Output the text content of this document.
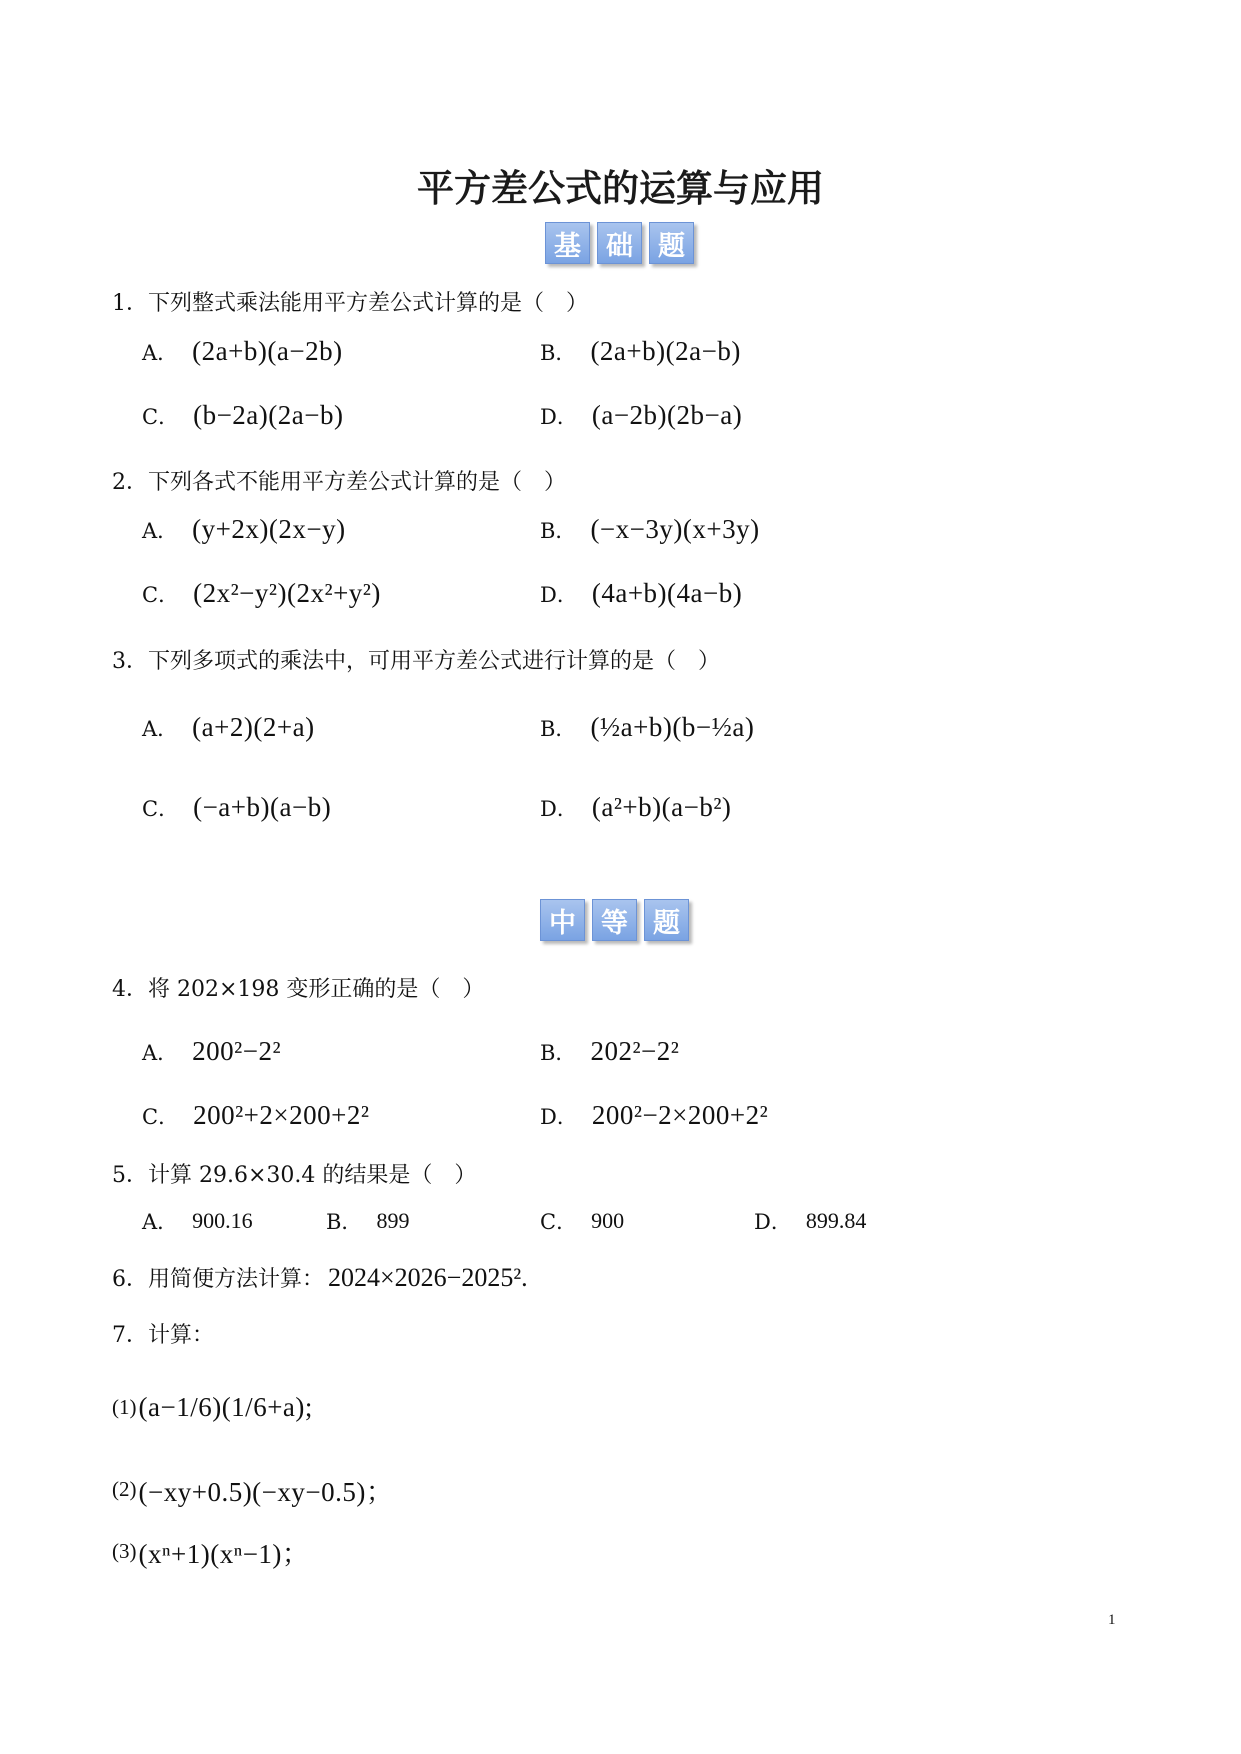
平方差公式的运算与应用
基 础 题
1．下列整式乘法能用平方差公式计算的是（　）
A． (2a+b)(a−2b)	B． (2a+b)(2a−b)
C． (b−2a)(2a−b)	D． (a−2b)(2b−a)
2．下列各式不能用平方差公式计算的是（　）
A． (y+2x)(2x−y)	B． (−x−3y)(x+3y)
C． (2x²−y²)(2x²+y²)	D． (4a+b)(4a−b)
3．下列多项式的乘法中，可用平方差公式进行计算的是（　）
A． (a+2)(2+a)	B． (½a+b)(b−½a)
C． (−a+b)(a−b)	D． (a²+b)(a−b²)
中 等 题
4．将 202×198 变形正确的是（　）
A． 200²−2²	B． 202²−2²
C． 200²+2×200+2²	D． 200²−2×200+2²
5．计算 29.6×30.4 的结果是（　）
A． 900.16	B． 899	C． 900	D． 899.84
6．用简便方法计算： 2024×2026−2025².
7．计算：
(1) (a−1/6)(1/6+a);
(2) (−xy+0.5)(−xy−0.5)；
(3) (xⁿ+1)(xⁿ−1)；
1
